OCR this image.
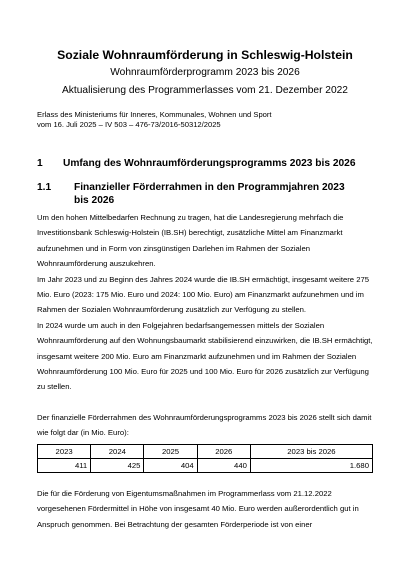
Soziale Wohnraumförderung in Schleswig-Holstein
Wohnraumförderprogramm 2023 bis 2026
Aktualisierung des Programmerlasses vom 21. Dezember 2022
Erlass des Ministeriums für Inneres, Kommunales, Wohnen und Sport
vom 16. Juli 2025 – IV 503 – 476-73/2016-50312/2025
1 Umfang des Wohnraumförderungsprogramms 2023 bis 2026
1.1 Finanzieller Förderrahmen in den Programmjahren 2023 bis 2026
Um den hohen Mittelbedarfen Rechnung zu tragen, hat die Landesregierung mehrfach die Investitionsbank Schleswig-Holstein (IB.SH) berechtigt, zusätzliche Mittel am Finanzmarkt aufzunehmen und in Form von zinsgünstigen Darlehen im Rahmen der Sozialen Wohnraumförderung auszukehren.
Im Jahr 2023 und zu Beginn des Jahres 2024 wurde die IB.SH ermächtigt, insgesamt weitere 275 Mio. Euro (2023: 175 Mio. Euro und 2024: 100 Mio. Euro) am Finanzmarkt aufzunehmen und im Rahmen der Sozialen Wohnraumförderung zusätzlich zur Verfügung zu stellen.
In 2024 wurde um auch in den Folgejahren bedarfsangemessen mittels der Sozialen Wohnraumförderung auf den Wohnungsbaumarkt stabilisierend einzuwirken, die IB.SH ermächtigt, insgesamt weitere 200 Mio. Euro am Finanzmarkt aufzunehmen und im Rahmen der Sozialen Wohnraumförderung 100 Mio. Euro für 2025 und 100 Mio. Euro für 2026 zusätzlich zur Verfügung zu stellen.
Der finanzielle Förderrahmen des Wohnraumförderungsprogramms 2023 bis 2026 stellt sich damit wie folgt dar (in Mio. Euro):
2023	2024	2025	2026	2023 bis 2026
411	425	404	440	1.680
Die für die Förderung von Eigentumsmaßnahmen im Programmerlass vom 21.12.2022 vorgesehenen Fördermittel in Höhe von insgesamt 40 Mio. Euro werden außerordentlich gut in Anspruch genommen. Bei Betrachtung der gesamten Förderperiode ist von einer
